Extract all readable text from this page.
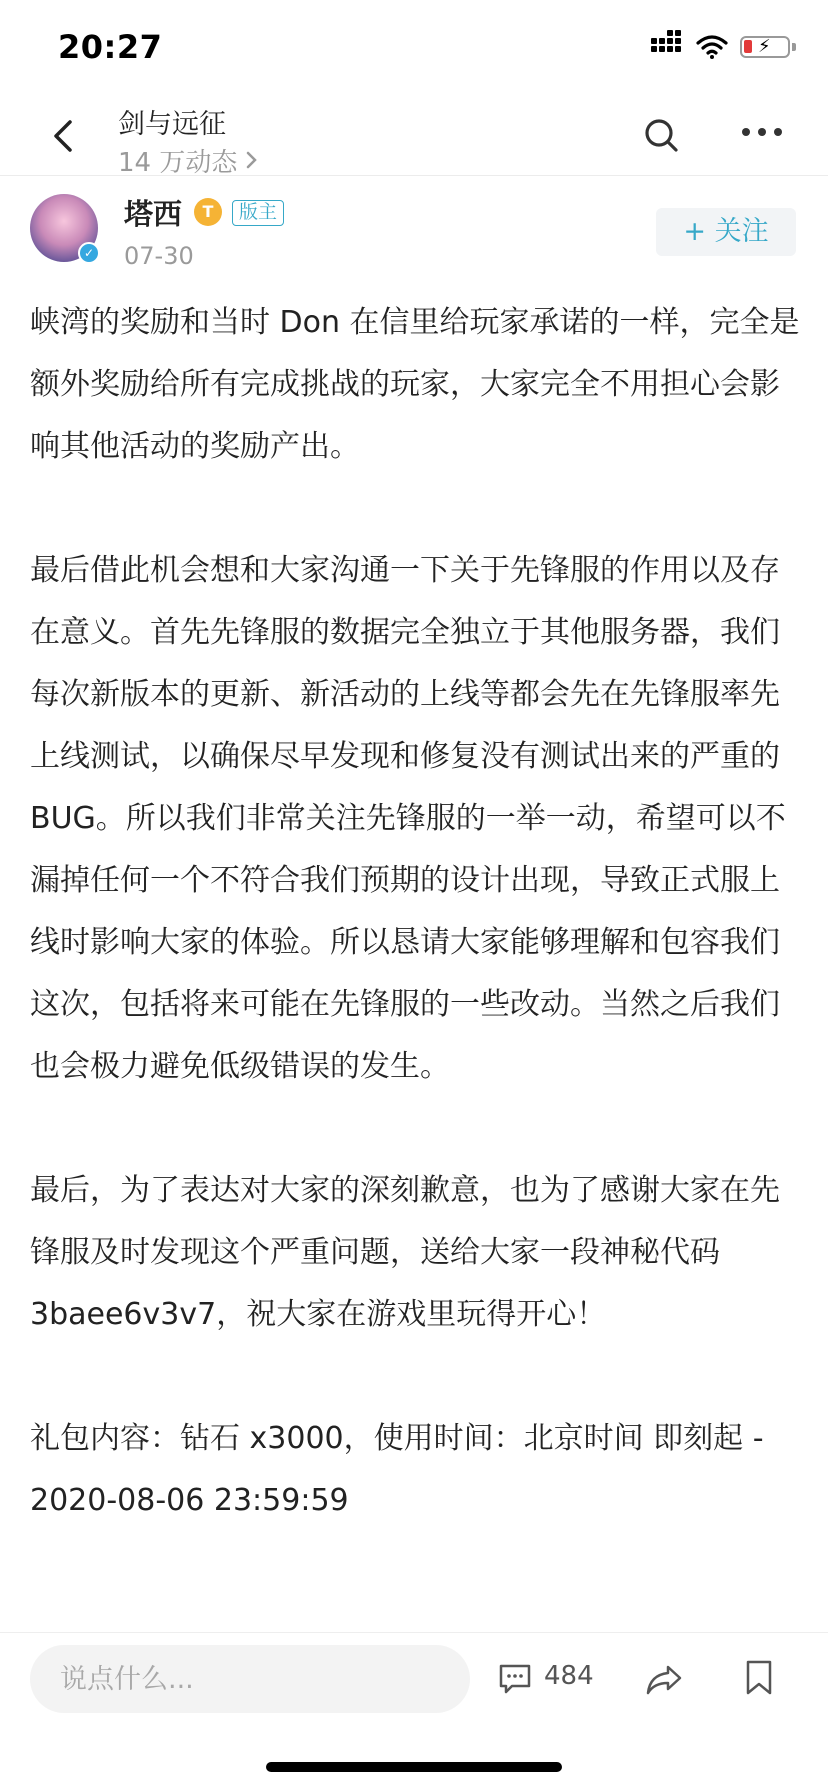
20:27	⚡
剑与远征
14 万动态
✓
塔西	T	版主
07-30
+ 关注

峡湾的奖励和当时 Don 在信里给玩家承诺的一样，完全是额外奖励给所有完成挑战的玩家，大家完全不用担心会影响其他活动的奖励产出。

最后借此机会想和大家沟通一下关于先锋服的作用以及存在意义。首先先锋服的数据完全独立于其他服务器，我们每次新版本的更新、新活动的上线等都会先在先锋服率先上线测试，以确保尽早发现和修复没有测试出来的严重的BUG。所以我们非常关注先锋服的一举一动，希望可以不漏掉任何一个不符合我们预期的设计出现，导致正式服上线时影响大家的体验。所以恳请大家能够理解和包容我们这次，包括将来可能在先锋服的一些改动。当然之后我们也会极力避免低级错误的发生。

最后，为了表达对大家的深刻歉意，也为了感谢大家在先锋服及时发现这个严重问题，送给大家一段神秘代码 3baee6v3v7，祝大家在游戏里玩得开心！

礼包内容：钻石 x3000，使用时间：北京时间 即刻起 - 2020-08-06 23:59:59

说点什么...
484
